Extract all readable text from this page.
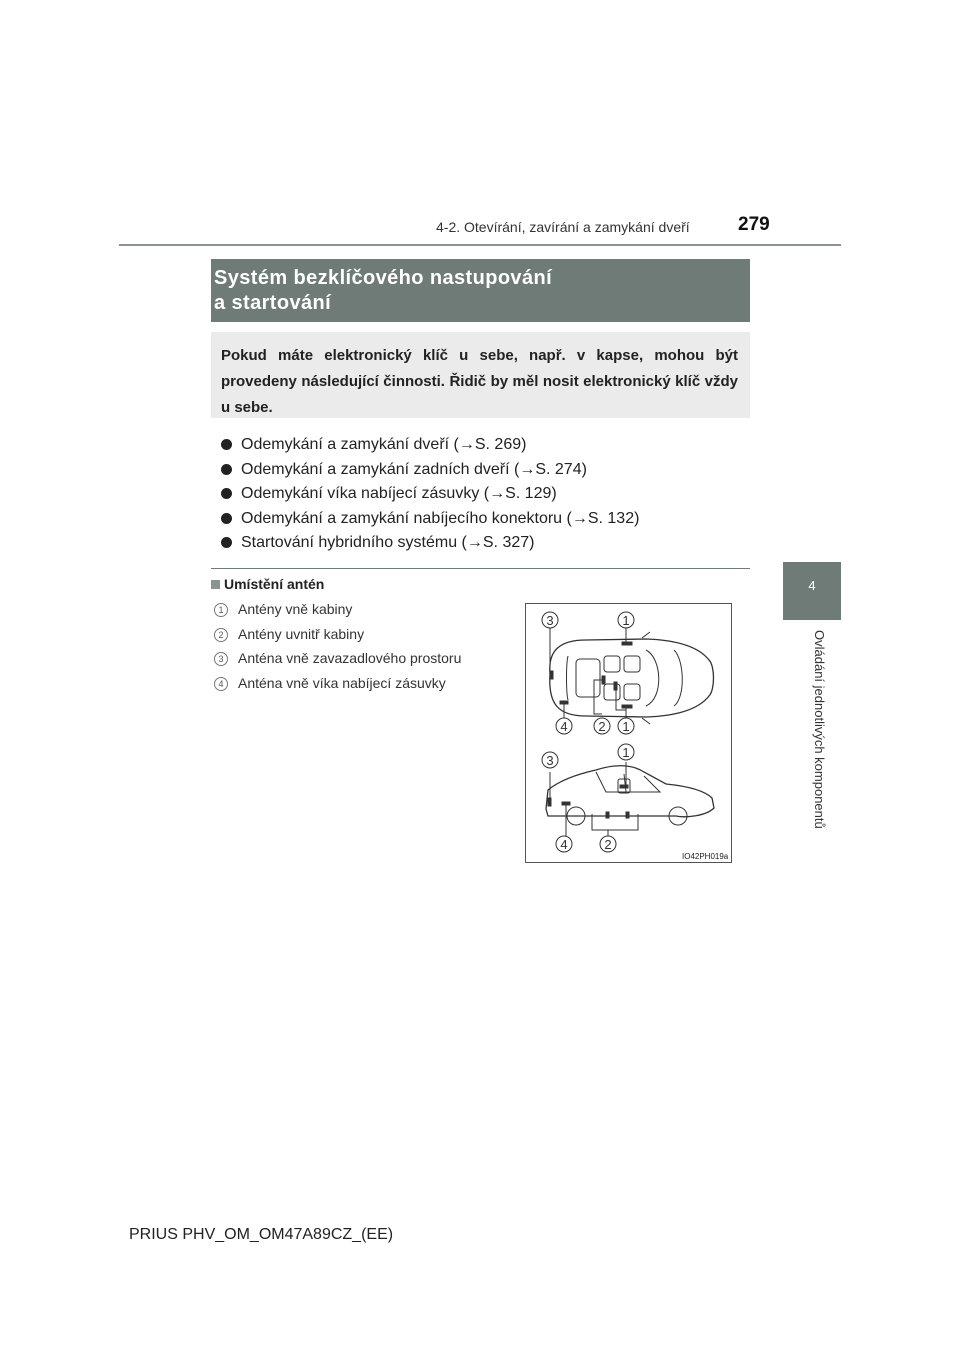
4-2. Otevírání, zavírání a zamykání dveří	279
4
Ovládání jednotlivých komponentů
Systém bezklíčového nastupování
a startování
Pokud máte elektronický klíč u sebe, např. v kapse, mohou být provedeny následující činnosti. Řidič by měl nosit elektronický klíč vždy u sebe.
Odemykání a zamykání dveří (→S. 269)
Odemykání a zamykání zadních dveří (→S. 274)
Odemykání víka nabíjecí zásuvky (→S. 129)
Odemykání a zamykání nabíjecího konektoru (→S. 132)
Startování hybridního systému (→S. 327)
Umístění antén
1 Antény vně kabiny
2 Antény uvnitř kabiny
3 Anténa vně zavazadlového prostoru
4 Anténa vně víka nabíjecí zásuvky
3	1
4 2 1
3
1
4	2
IO42PH019a
PRIUS PHV_OM_OM47A89CZ_(EE)
